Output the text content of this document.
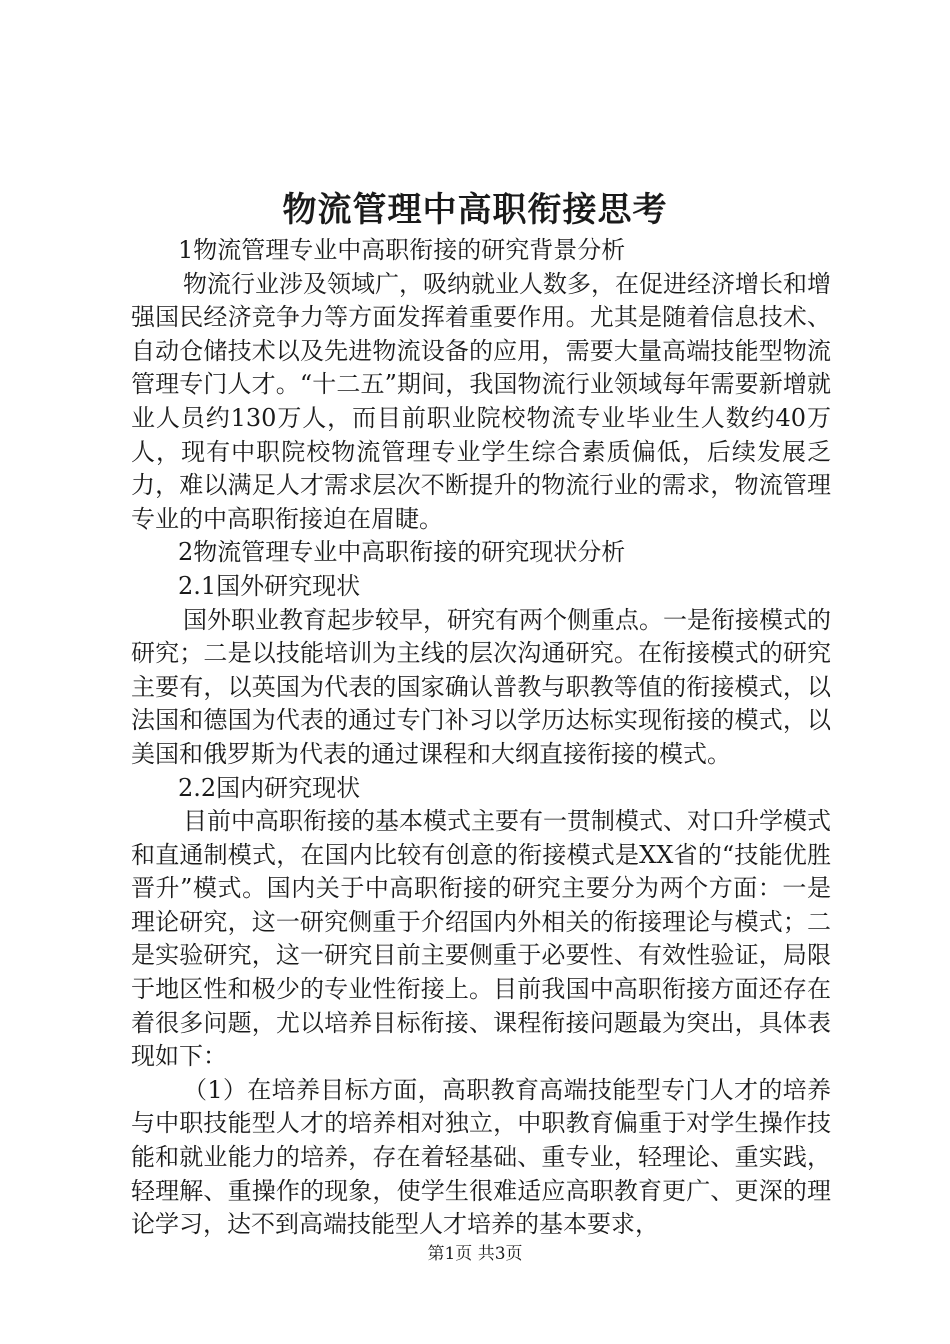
物流管理中高职衔接思考

1物流管理专业中高职衔接的研究背景分析

物流行业涉及领域广，吸纳就业人数多，在促进经济增长和增强国民经济竞争力等方面发挥着重要作用。尤其是随着信息技术、自动仓储技术以及先进物流设备的应用，需要大量高端技能型物流管理专门人才。“十二五”期间，我国物流行业领域每年需要新增就业人员约130万人，而目前职业院校物流专业毕业生人数约40万人，现有中职院校物流管理专业学生综合素质偏低，后续发展乏力，难以满足人才需求层次不断提升的物流行业的需求，物流管理专业的中高职衔接迫在眉睫。

2物流管理专业中高职衔接的研究现状分析

2.1国外研究现状

国外职业教育起步较早，研究有两个侧重点。一是衔接模式的研究；二是以技能培训为主线的层次沟通研究。在衔接模式的研究主要有，以英国为代表的国家确认普教与职教等值的衔接模式，以法国和德国为代表的通过专门补习以学历达标实现衔接的模式，以美国和俄罗斯为代表的通过课程和大纲直接衔接的模式。

2.2国内研究现状

目前中高职衔接的基本模式主要有一贯制模式、对口升学模式和直通制模式，在国内比较有创意的衔接模式是XX省的“技能优胜晋升”模式。国内关于中高职衔接的研究主要分为两个方面：一是理论研究，这一研究侧重于介绍国内外相关的衔接理论与模式；二是实验研究，这一研究目前主要侧重于必要性、有效性验证，局限于地区性和极少的专业性衔接上。目前我国中高职衔接方面还存在着很多问题，尤以培养目标衔接、课程衔接问题最为突出，具体表现如下：

（1）在培养目标方面，高职教育高端技能型专门人才的培养与中职技能型人才的培养相对独立，中职教育偏重于对学生操作技能和就业能力的培养，存在着轻基础、重专业，轻理论、重实践，轻理解、重操作的现象，使学生很难适应高职教育更广、更深的理论学习，达不到高端技能型人才培养的基本要求，

第1页 共3页
